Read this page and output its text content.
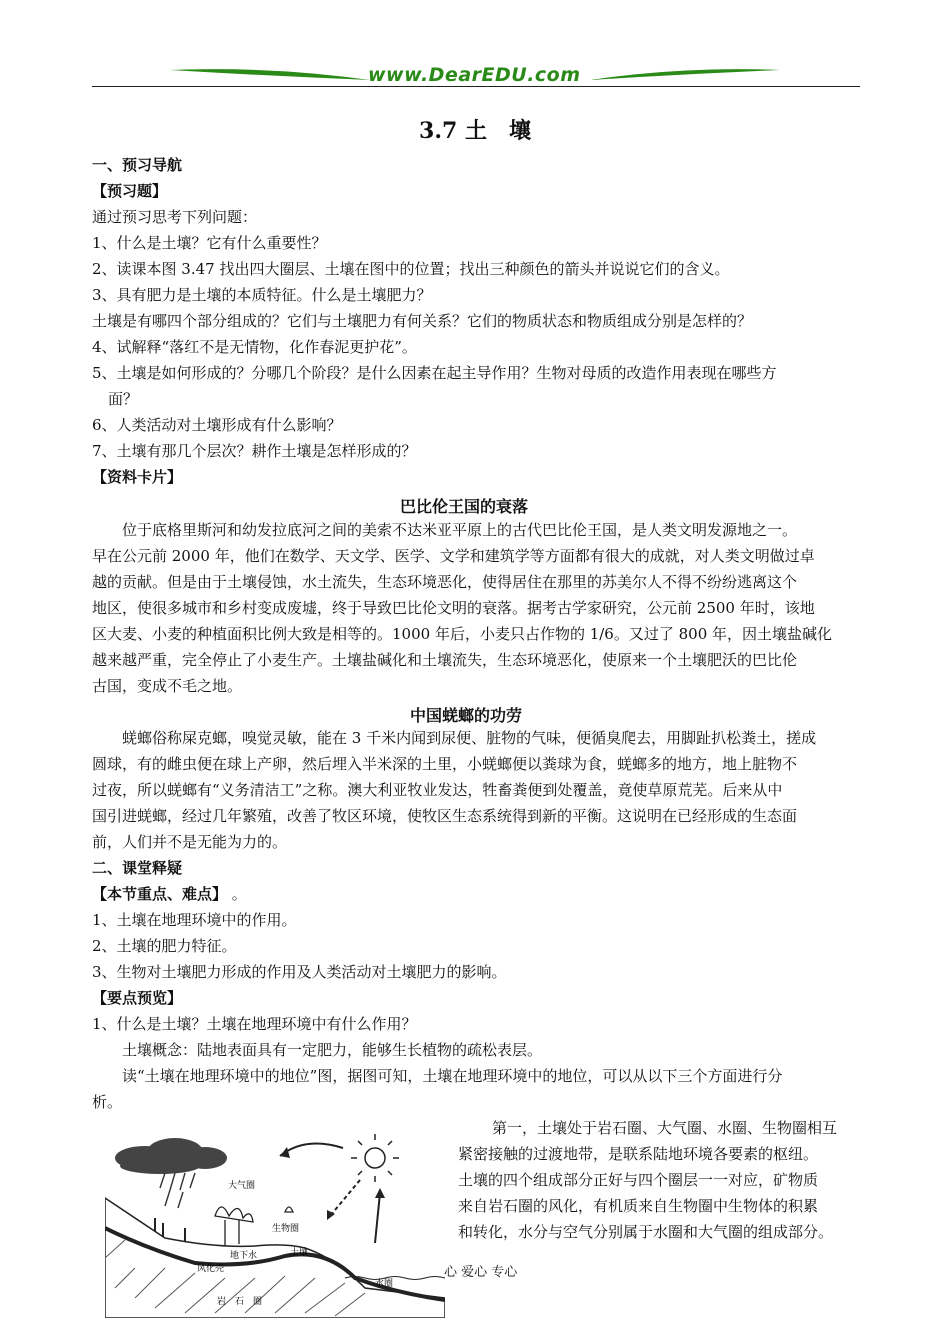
www.DearEDU.com
3.7 土　壤
一、预习导航
【预习题】
通过预习思考下列问题：
1、什么是土壤？它有什么重要性？
2、读课本图 3.47 找出四大圈层、土壤在图中的位置；找出三种颜色的箭头并说说它们的含义。
3、具有肥力是土壤的本质特征。什么是土壤肥力？
土壤是有哪四个部分组成的？它们与土壤肥力有何关系？它们的物质状态和物质组成分别是怎样的？
4、试解释“落红不是无情物，化作春泥更护花”。
5、土壤是如何形成的？分哪几个阶段？是什么因素在起主导作用？生物对母质的改造作用表现在哪些方
面？
6、人类活动对土壤形成有什么影响？
7、土壤有那几个层次？耕作土壤是怎样形成的？
【资料卡片】
巴比伦王国的衰落
位于底格里斯河和幼发拉底河之间的美索不达米亚平原上的古代巴比伦王国，是人类文明发源地之一。
早在公元前 2000 年，他们在数学、天文学、医学、文学和建筑学等方面都有很大的成就，对人类文明做过卓
越的贡献。但是由于土壤侵蚀，水土流失，生态环境恶化，使得居住在那里的苏美尔人不得不纷纷逃离这个
地区，使很多城市和乡村变成废墟，终于导致巴比伦文明的衰落。据考古学家研究，公元前 2500 年时，该地
区大麦、小麦的种植面积比例大致是相等的。1000 年后，小麦只占作物的 1/6。又过了 800 年，因土壤盐碱化
越来越严重，完全停止了小麦生产。土壤盐碱化和土壤流失，生态环境恶化，使原来一个土壤肥沃的巴比伦
古国，变成不毛之地。
中国蜣螂的功劳
蜣螂俗称屎克螂，嗅觉灵敏，能在 3 千米内闻到尿便、脏物的气味，便循臭爬去，用脚趾扒松粪土，搓成
圆球，有的雌虫便在球上产卵，然后埋入半米深的土里，小蜣螂便以粪球为食，蜣螂多的地方，地上脏物不
过夜，所以蜣螂有“义务清洁工”之称。澳大利亚牧业发达，牲畜粪便到处覆盖，竟使草原荒芜。后来从中
国引进蜣螂，经过几年繁殖，改善了牧区环境，使牧区生态系统得到新的平衡。这说明在已经形成的生态面
前，人们并不是无能为力的。
二、课堂释疑
【本节重点、难点】 。
1、土壤在地理环境中的作用。
2、土壤的肥力特征。
3、生物对土壤肥力形成的作用及人类活动对土壤肥力的影响。
【要点预览】
1、什么是土壤？土壤在地理环境中有什么作用？
土壤概念：陆地表面具有一定肥力，能够生长植物的疏松表层。
读“土壤在地理环境中的地位”图，据图可知，土壤在地理环境中的地位，可以从以下三个方面进行分
析。
第一，土壤处于岩石圈、大气圈、水圈、生物圈相互
紧密接触的过渡地带，是联系陆地环境各要素的枢纽。
土壤的四个组成部分正好与四个圈层一一对应，矿物质
来自岩石圈的风化，有机质来自生物圈中生物体的积累
和转化，水分与空气分别属于水圈和大气圈的组成部分。
大气圈
生物圈
地下水	土壤
风化壳
水圈
岩　石　圈
心 爱心 专心
